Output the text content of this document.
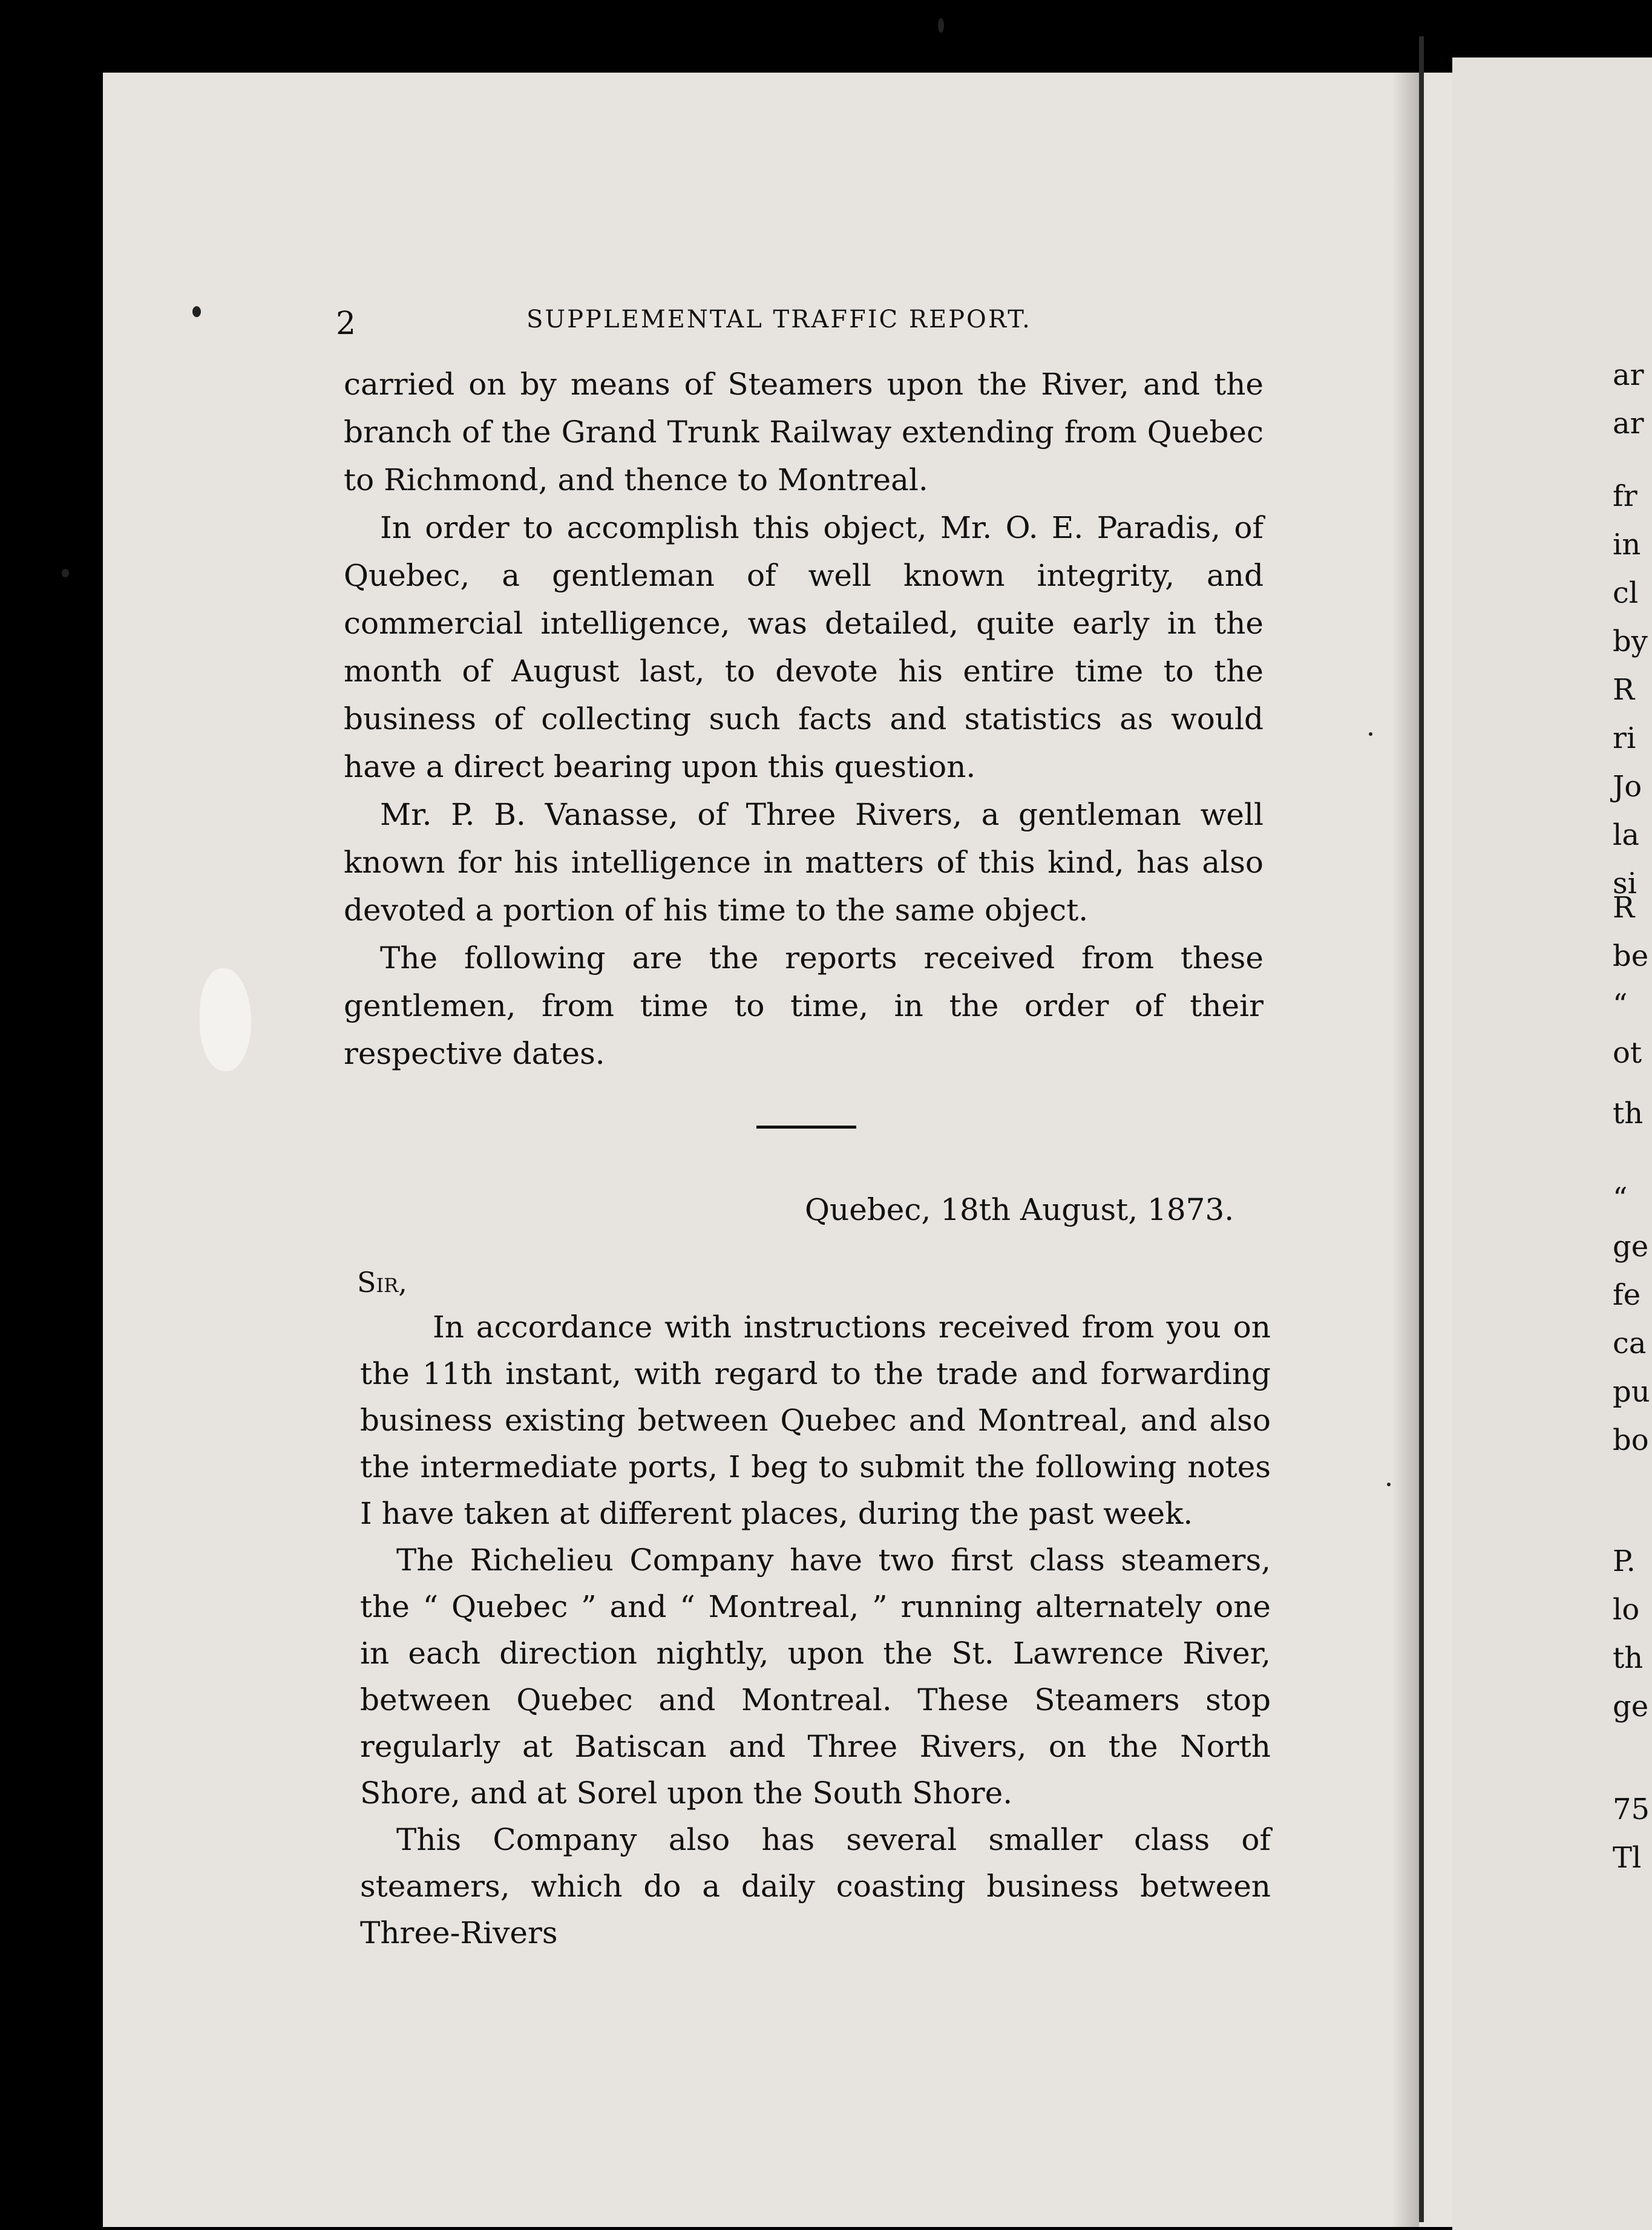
2	SUPPLEMENTAL TRAFFIC REPORT.

carried on by means of Steamers upon the River, and the branch of the Grand Trunk Railway extending from Quebec to Richmond, and thence to Montreal.

In order to accomplish this object, Mr. O. E. Paradis, of Quebec, a gentleman of well known integrity, and commercial intelligence, was detailed, quite early in the month of August last, to devote his entire time to the business of collecting such facts and statistics as would have a direct bearing upon this question.

Mr. P. B. Vanasse, of Three Rivers, a gentleman well known for his intelligence in matters of this kind, has also devoted a portion of his time to the same object.

The following are the reports received from these gentlemen, from time to time, in the order of their respective dates.

Quebec, 18th August, 1873.
Sir,

In accordance with instructions received from you on the 11th instant, with regard to the trade and forwarding business existing between Quebec and Montreal, and also the intermediate ports, I beg to submit the following notes I have taken at different places, during the past week.

The Richelieu Company have two first class steamers, the “ Quebec ” and “ Montreal, ” running alternately one in each direction nightly, upon the St. Lawrence River, between Quebec and Montreal. These Steamers stop regularly at Batiscan and Three Rivers, on the North Shore, and at Sorel upon the South Shore.

This Company also has several smaller class of steamers, which do a daily coasting business between Three-Rivers

ar
ar
fr
in
cl
by
R
ri
Jo
la
si
R
be
“
ot
th
“
ge
fe
ca
pu
bo
P.
lo
th
ge
75
Tl
